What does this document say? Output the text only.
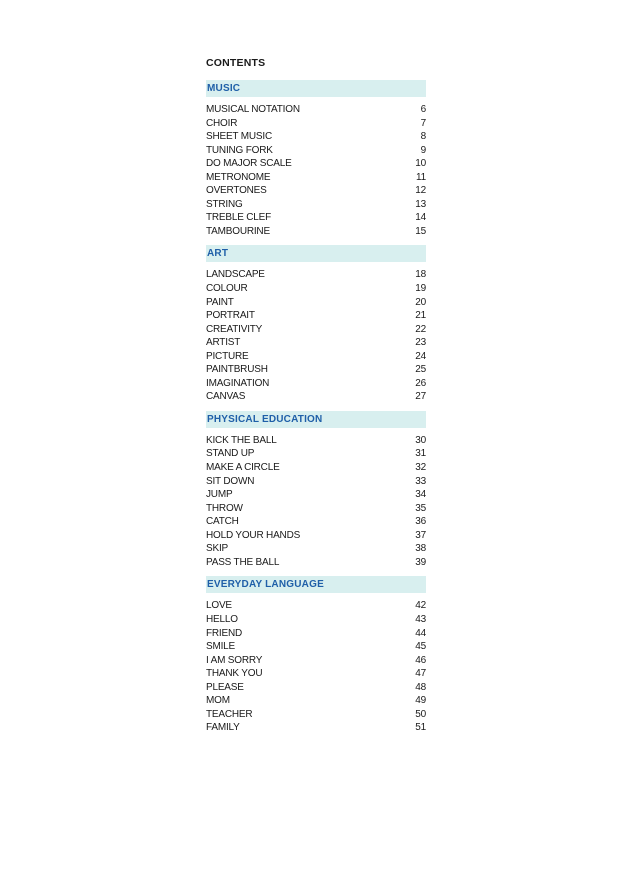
CONTENTS
MUSIC
MUSICAL NOTATION	6
CHOIR	7
SHEET MUSIC	8
TUNING FORK	9
DO MAJOR SCALE	10
METRONOME	11
OVERTONES	12
STRING	13
TREBLE CLEF	14
TAMBOURINE	15
ART
LANDSCAPE	18
COLOUR	19
PAINT	20
PORTRAIT	21
CREATIVITY	22
ARTIST	23
PICTURE	24
PAINTBRUSH	25
IMAGINATION	26
CANVAS	27
PHYSICAL EDUCATION
KICK THE BALL	30
STAND UP	31
MAKE A CIRCLE	32
SIT DOWN	33
JUMP	34
THROW	35
CATCH	36
HOLD YOUR HANDS	37
SKIP	38
PASS THE BALL	39
EVERYDAY LANGUAGE
LOVE	42
HELLO	43
FRIEND	44
SMILE	45
I AM SORRY	46
THANK YOU	47
PLEASE	48
MOM	49
TEACHER	50
FAMILY	51
